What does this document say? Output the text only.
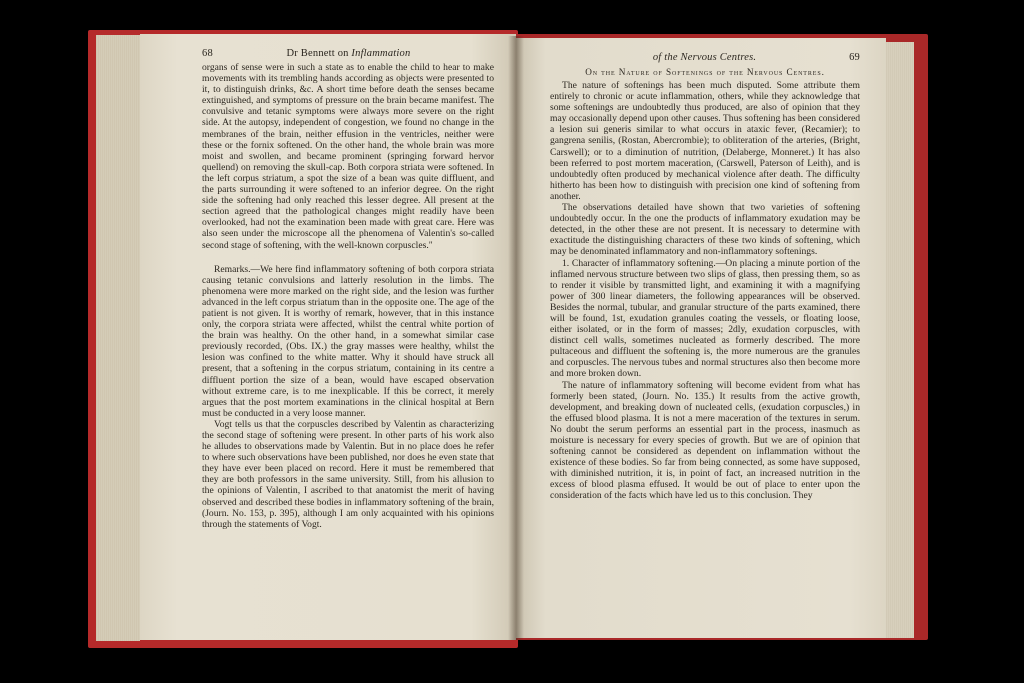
68	Dr Bennett on Inflammation

organs of sense were in such a state as to enable the child to hear to make movements with its trembling hands according as objects were presented to it, to distinguish drinks, &c. A short time before death the senses became extinguished, and symptoms of pressure on the brain became manifest. The convulsive and tetanic symptoms were always more severe on the right side. At the autopsy, independent of congestion, we found no change in the membranes of the brain, neither effusion in the ventricles, neither were these or the fornix softened. On the other hand, the whole brain was more moist and swollen, and became prominent (springing forward hervor quellend) on removing the skull-cap. Both corpora striata were softened. In the left corpus striatum, a spot the size of a bean was quite diffluent, and the parts surrounding it were softened to an inferior degree. On the right side the softening had only reached this lesser degree. All present at the section agreed that the pathological changes might readily have been overlooked, had not the examination been made with great care. Here was also seen under the microscope all the phenomena of Valentin's so-called second stage of softening, with the well-known corpuscles."

Remarks.—We here find inflammatory softening of both corpora striata causing tetanic convulsions and latterly resolution in the limbs. The phenomena were more marked on the right side, and the lesion was further advanced in the left corpus striatum than in the opposite one. The age of the patient is not given. It is worthy of remark, however, that in this instance only, the corpora striata were affected, whilst the central white portion of the brain was healthy. On the other hand, in a somewhat similar case previously recorded, (Obs. IX.) the gray masses were healthy, whilst the lesion was confined to the white matter. Why it should have struck all present, that a softening in the corpus striatum, containing in its centre a diffluent portion the size of a bean, would have escaped observation without extreme care, is to me inexplicable. If this be correct, it merely argues that the post mortem examinations in the clinical hospital at Bern must be conducted in a very loose manner.

Vogt tells us that the corpuscles described by Valentin as characterizing the second stage of softening were present. In other parts of his work also he alludes to observations made by Valentin. But in no place does he refer to where such observations have been published, nor does he even state that they have ever been placed on record. Here it must be remembered that they are both professors in the same university. Still, from his allusion to the opinions of Valentin, I ascribed to that anatomist the merit of having observed and described these bodies in inflammatory softening of the brain, (Journ. No. 153, p. 395), although I am only acquainted with his opinions through the statements of Vogt.

of the Nervous Centres.	69
On the Nature of Softenings of the Nervous Centres.

The nature of softenings has been much disputed. Some attribute them entirely to chronic or acute inflammation, others, while they acknowledge that some softenings are undoubtedly thus produced, are also of opinion that they may occasionally depend upon other causes. Thus softening has been considered a lesion sui generis similar to what occurs in ataxic fever, (Recamier); to gangrena senilis, (Rostan, Abercrombie); to obliteration of the arteries, (Bright, Carswell); or to a diminution of nutrition, (Delaberge, Monneret.) It has also been referred to post mortem maceration, (Carswell, Paterson of Leith), and is undoubtedly often produced by mechanical violence after death. The difficulty hitherto has been how to distinguish with precision one kind of softening from another.

The observations detailed have shown that two varieties of softening undoubtedly occur. In the one the products of inflammatory exudation may be detected, in the other these are not present. It is necessary to determine with exactitude the distinguishing characters of these two kinds of softening, which may be denominated inflammatory and non-inflammatory softenings.

1. Character of inflammatory softening.—On placing a minute portion of the inflamed nervous structure between two slips of glass, then pressing them, so as to render it visible by transmitted light, and examining it with a magnifying power of 300 linear diameters, the following appearances will be observed. Besides the normal, tubular, and granular structure of the parts examined, there will be found, 1st, exudation granules coating the vessels, or floating loose, either isolated, or in the form of masses; 2dly, exudation corpuscles, with distinct cell walls, sometimes nucleated as formerly described. The more pultaceous and diffluent the softening is, the more numerous are the granules and corpuscles. The nervous tubes and normal structures also then become more and more broken down.

The nature of inflammatory softening will become evident from what has formerly been stated, (Journ. No. 135.) It results from the active growth, development, and breaking down of nucleated cells, (exudation corpuscles,) in the effused blood plasma. It is not a mere maceration of the textures in serum. No doubt the serum performs an essential part in the process, inasmuch as moisture is necessary for every species of growth. But we are of opinion that softening cannot be considered as dependent on inflammation without the existence of these bodies. So far from being connected, as some have supposed, with diminished nutrition, it is, in point of fact, an increased nutrition in the excess of blood plasma effused. It would be out of place to enter upon the consideration of the facts which have led us to this conclusion. They
